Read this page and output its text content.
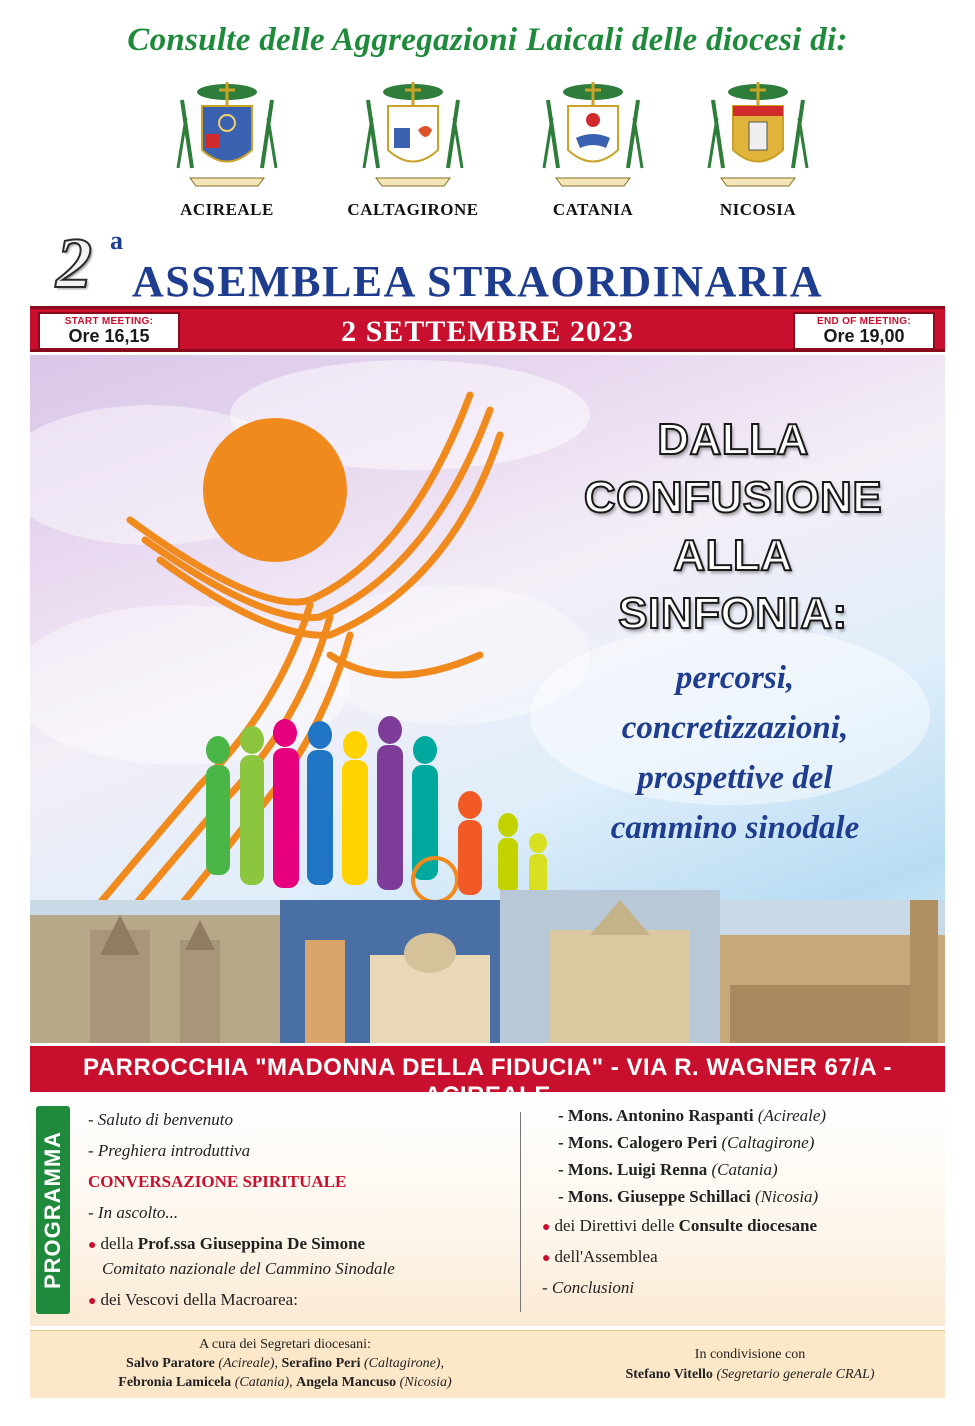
Consulte delle Aggregazioni Laicali delle diocesi di:
ACIREALE	CALTAGIRONE	CATANIA	NICOSIA
2 a
ASSEMBLEA STRAORDINARIA
2 SETTEMBRE 2023
START MEETING:
Ore 16,15
END OF MEETING:
Ore 19,00
DALLA
CONFUSIONE
ALLA
SINFONIA:
percorsi,
concretizzazioni,
prospettive del
cammino sinodale
PARROCCHIA "MADONNA DELLA FIDUCIA" - VIA R. WAGNER 67/A -
PROGRAMMA
- Saluto di benvenuto
- Preghiera introduttiva
CONVERSAZIONE SPIRITUALE
- In ascolto...
● della Prof.ssa Giuseppina De Simone
Comitato nazionale del Cammino Sinodale
● dei Vescovi della Macroarea:
- Mons. Antonino Raspanti (Acireale)
- Mons. Calogero Peri (Caltagirone)
- Mons. Luigi Renna (Catania)
- Mons. Giuseppe Schillaci (Nicosia)
● dei Direttivi delle Consulte diocesane
● dell'Assemblea
- Conclusioni
A cura dei Segretari diocesani:
Salvo Paratore (Acireale), Serafino Peri (Caltagirone),
Febronia Lamicela (Catania), Angela Mancuso (Nicosia)
In condivisione con
Stefano Vitello (Segretario generale CRAL)
